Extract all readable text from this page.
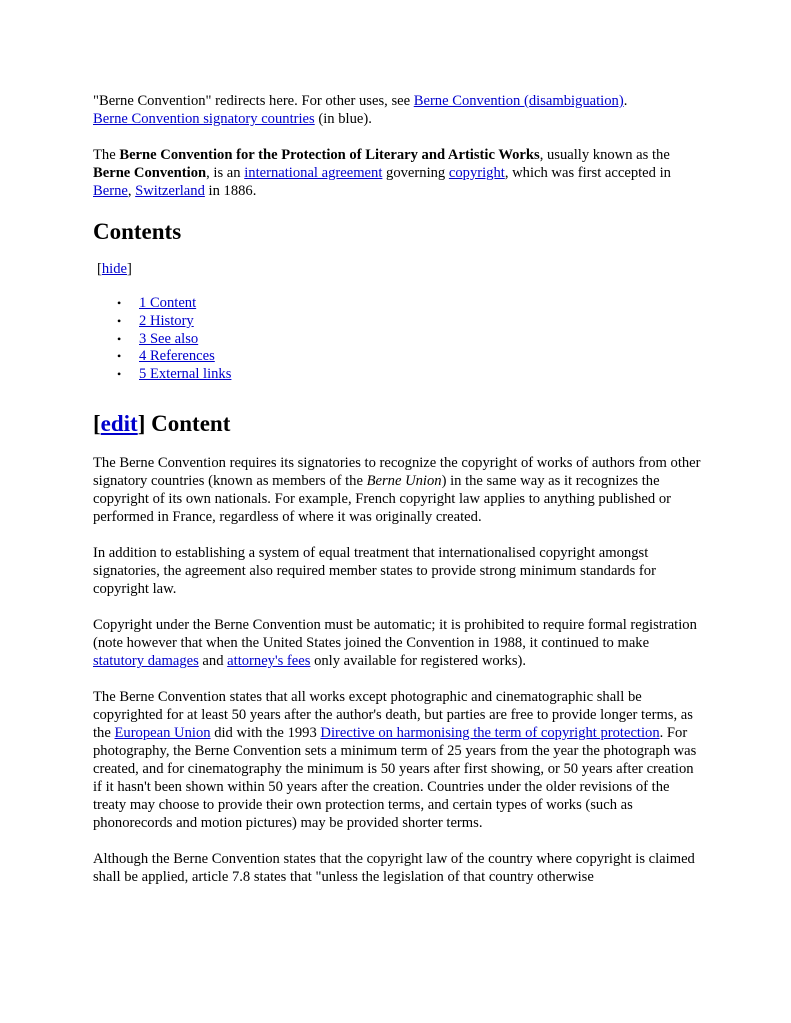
"Berne Convention" redirects here. For other uses, see Berne Convention (disambiguation).
Berne Convention signatory countries (in blue).

The Berne Convention for the Protection of Literary and Artistic Works, usually known as the Berne Convention, is an international agreement governing copyright, which was first accepted in Berne, Switzerland in 1886.

Contents
[hide]
• 1 Content
• 2 History
• 3 See also
• 4 References
• 5 External links
[edit] Content

The Berne Convention requires its signatories to recognize the copyright of works of authors from other signatory countries (known as members of the Berne Union) in the same way as it recognizes the copyright of its own nationals. For example, French copyright law applies to anything published or performed in France, regardless of where it was originally created.

In addition to establishing a system of equal treatment that internationalised copyright amongst signatories, the agreement also required member states to provide strong minimum standards for copyright law.

Copyright under the Berne Convention must be automatic; it is prohibited to require formal registration (note however that when the United States joined the Convention in 1988, it continued to make statutory damages and attorney's fees only available for registered works).

The Berne Convention states that all works except photographic and cinematographic shall be copyrighted for at least 50 years after the author's death, but parties are free to provide longer terms, as the European Union did with the 1993 Directive on harmonising the term of copyright protection. For photography, the Berne Convention sets a minimum term of 25 years from the year the photograph was created, and for cinematography the minimum is 50 years after first showing, or 50 years after creation if it hasn't been shown within 50 years after the creation. Countries under the older revisions of the treaty may choose to provide their own protection terms, and certain types of works (such as phonorecords and motion pictures) may be provided shorter terms.

Although the Berne Convention states that the copyright law of the country where copyright is claimed shall be applied, article 7.8 states that "unless the legislation of that country otherwise
